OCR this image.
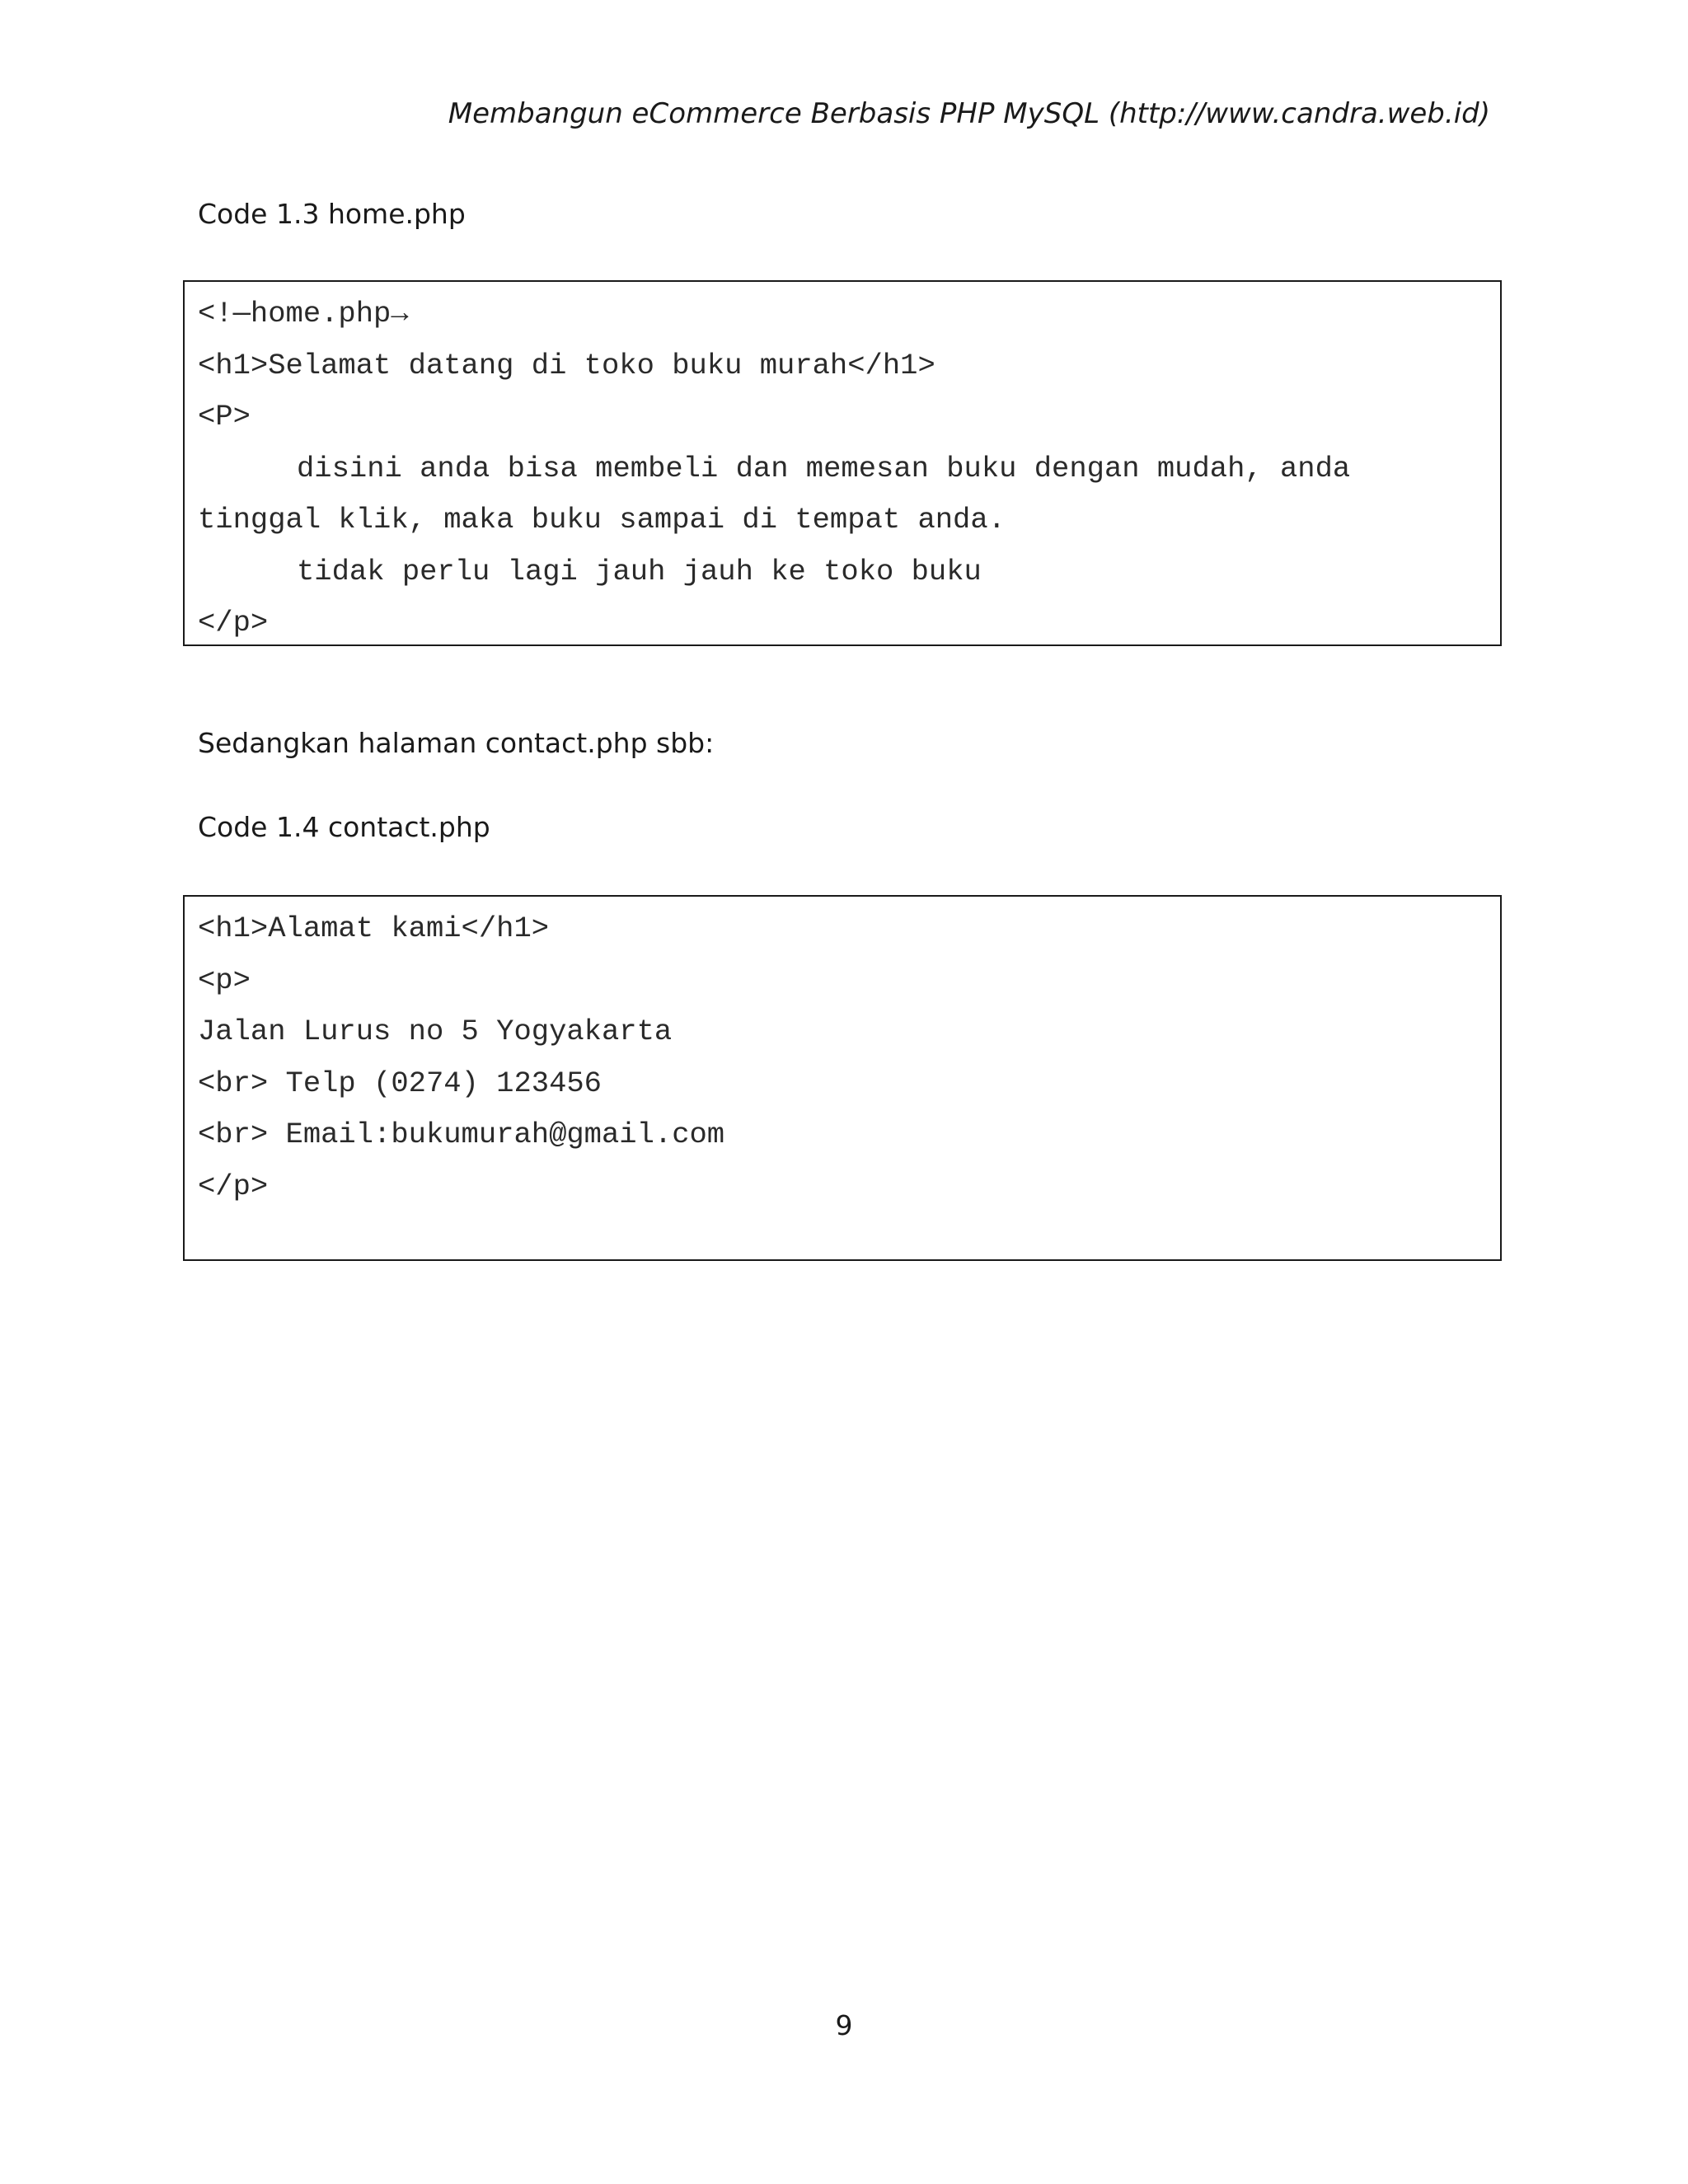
Membangun eCommerce Berbasis PHP MySQL (http://www.candra.web.id)
Code 1.3 home.php
<!—home.php→
<h1>Selamat datang di toko buku murah</h1>
<P>
disini anda bisa membeli dan memesan buku dengan mudah, anda
tinggal klik, maka buku sampai di tempat anda.
tidak perlu lagi jauh jauh ke toko buku
</p>
Sedangkan halaman contact.php sbb:
Code 1.4 contact.php
<h1>Alamat kami</h1>
<p>
Jalan Lurus no 5 Yogyakarta
<br> Telp (0274) 123456
<br> Email:bukumurah@gmail.com
</p>
9
